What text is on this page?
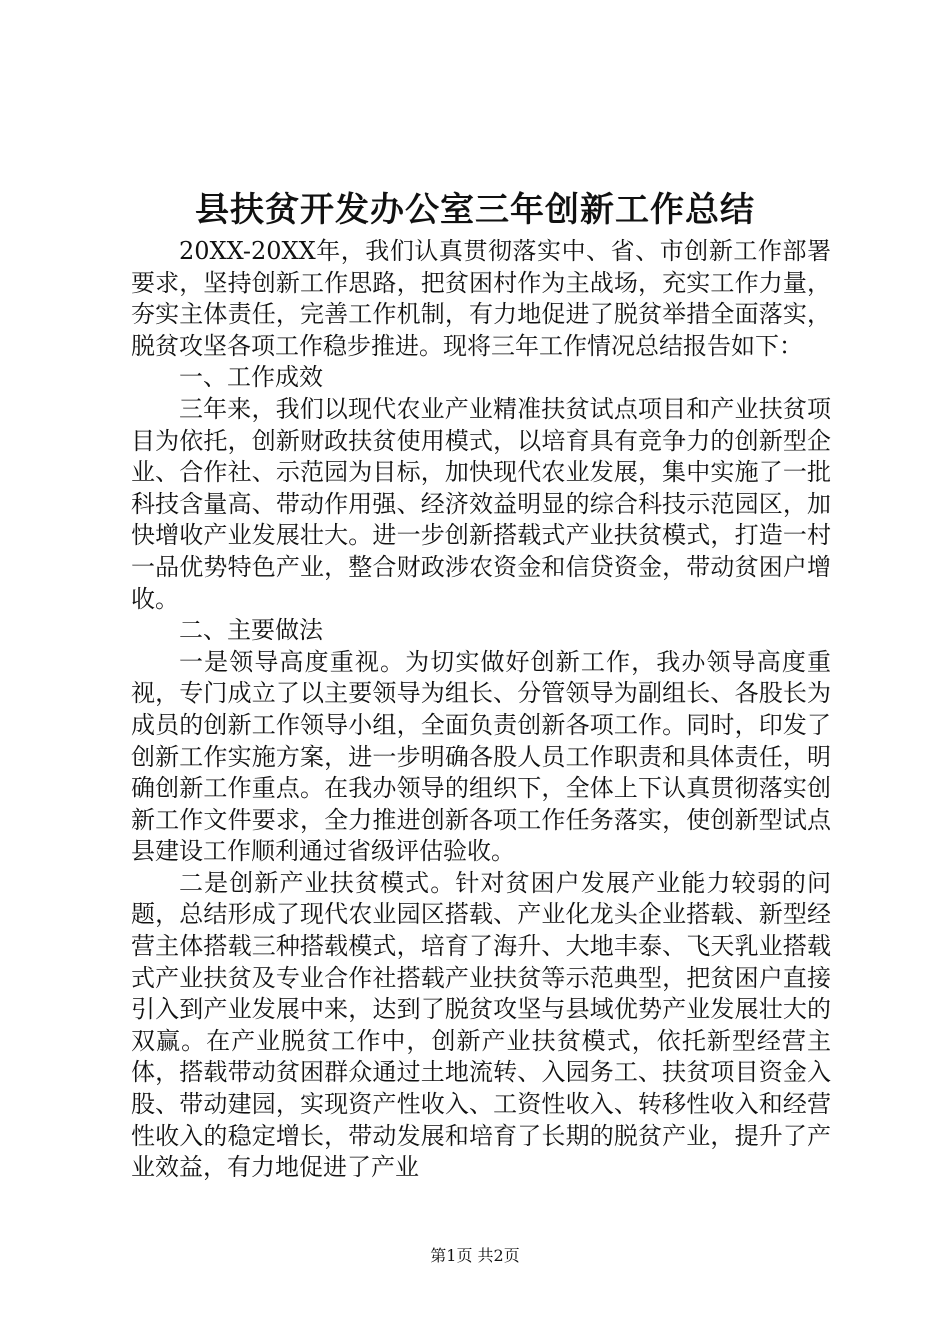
县扶贫开发办公室三年创新工作总结

20XX-20XX年，我们认真贯彻落实中、省、市创新工作部署要求，坚持创新工作思路，把贫困村作为主战场，充实工作力量，夯实主体责任，完善工作机制，有力地促进了脱贫举措全面落实，脱贫攻坚各项工作稳步推进。现将三年工作情况总结报告如下：

一、工作成效

三年来，我们以现代农业产业精准扶贫试点项目和产业扶贫项目为依托，创新财政扶贫使用模式，以培育具有竞争力的创新型企业、合作社、示范园为目标，加快现代农业发展，集中实施了一批科技含量高、带动作用强、经济效益明显的综合科技示范园区，加快增收产业发展壮大。进一步创新搭载式产业扶贫模式，打造一村一品优势特色产业，整合财政涉农资金和信贷资金，带动贫困户增收。

二、主要做法

一是领导高度重视。为切实做好创新工作，我办领导高度重视，专门成立了以主要领导为组长、分管领导为副组长、各股长为成员的创新工作领导小组，全面负责创新各项工作。同时，印发了创新工作实施方案，进一步明确各股人员工作职责和具体责任，明确创新工作重点。在我办领导的组织下，全体上下认真贯彻落实创新工作文件要求，全力推进创新各项工作任务落实，使创新型试点县建设工作顺利通过省级评估验收。

二是创新产业扶贫模式。针对贫困户发展产业能力较弱的问题，总结形成了现代农业园区搭载、产业化龙头企业搭载、新型经营主体搭载三种搭载模式，培育了海升、大地丰泰、飞天乳业搭载式产业扶贫及专业合作社搭载产业扶贫等示范典型，把贫困户直接引入到产业发展中来，达到了脱贫攻坚与县域优势产业发展壮大的双赢。在产业脱贫工作中，创新产业扶贫模式，依托新型经营主体，搭载带动贫困群众通过土地流转、入园务工、扶贫项目资金入股、带动建园，实现资产性收入、工资性收入、转移性收入和经营性收入的稳定增长，带动发展和培育了长期的脱贫产业，提升了产业效益，有力地促进了产业

第1页 共2页
